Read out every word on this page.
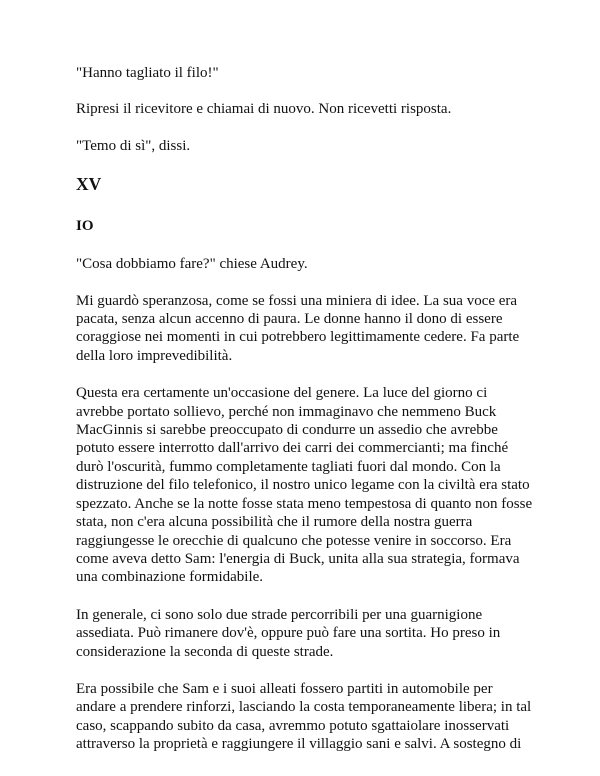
"Hanno tagliato il filo!"

Ripresi il ricevitore e chiamai di nuovo. Non ricevetti risposta.

"Temo di sì", dissi.

XV
IO

"Cosa dobbiamo fare?" chiese Audrey.

Mi guardò speranzosa, come se fossi una miniera di idee. La sua voce era pacata, senza alcun accenno di paura. Le donne hanno il dono di essere coraggiose nei momenti in cui potrebbero legittimamente cedere. Fa parte della loro imprevedibilità.

Questa era certamente un'occasione del genere. La luce del giorno ci avrebbe portato sollievo, perché non immaginavo che nemmeno Buck MacGinnis si sarebbe preoccupato di condurre un assedio che avrebbe potuto essere interrotto dall'arrivo dei carri dei commercianti; ma finché durò l'oscurità, fummo completamente tagliati fuori dal mondo. Con la distruzione del filo telefonico, il nostro unico legame con la civiltà era stato spezzato. Anche se la notte fosse stata meno tempestosa di quanto non fosse stata, non c'era alcuna possibilità che il rumore della nostra guerra raggiungesse le orecchie di qualcuno che potesse venire in soccorso. Era come aveva detto Sam: l'energia di Buck, unita alla sua strategia, formava una combinazione formidabile.

In generale, ci sono solo due strade percorribili per una guarnigione assediata. Può rimanere dov'è, oppure può fare una sortita. Ho preso in considerazione la seconda di queste strade.

Era possibile che Sam e i suoi alleati fossero partiti in automobile per andare a prendere rinforzi, lasciando la costa temporaneamente libera; in tal caso, scappando subito da casa, avremmo potuto sgattaiolare inosservati attraverso la proprietà e raggiungere il villaggio sani e salvi. A sostegno di
